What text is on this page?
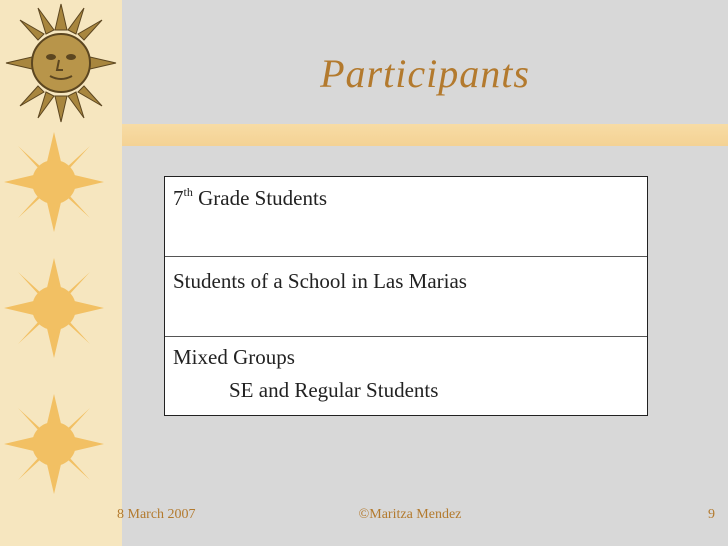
Participants
7th Grade Students
Students of a School in Las Marias
Mixed Groups
SE and Regular Students
8 March 2007	©Maritza Mendez	9
